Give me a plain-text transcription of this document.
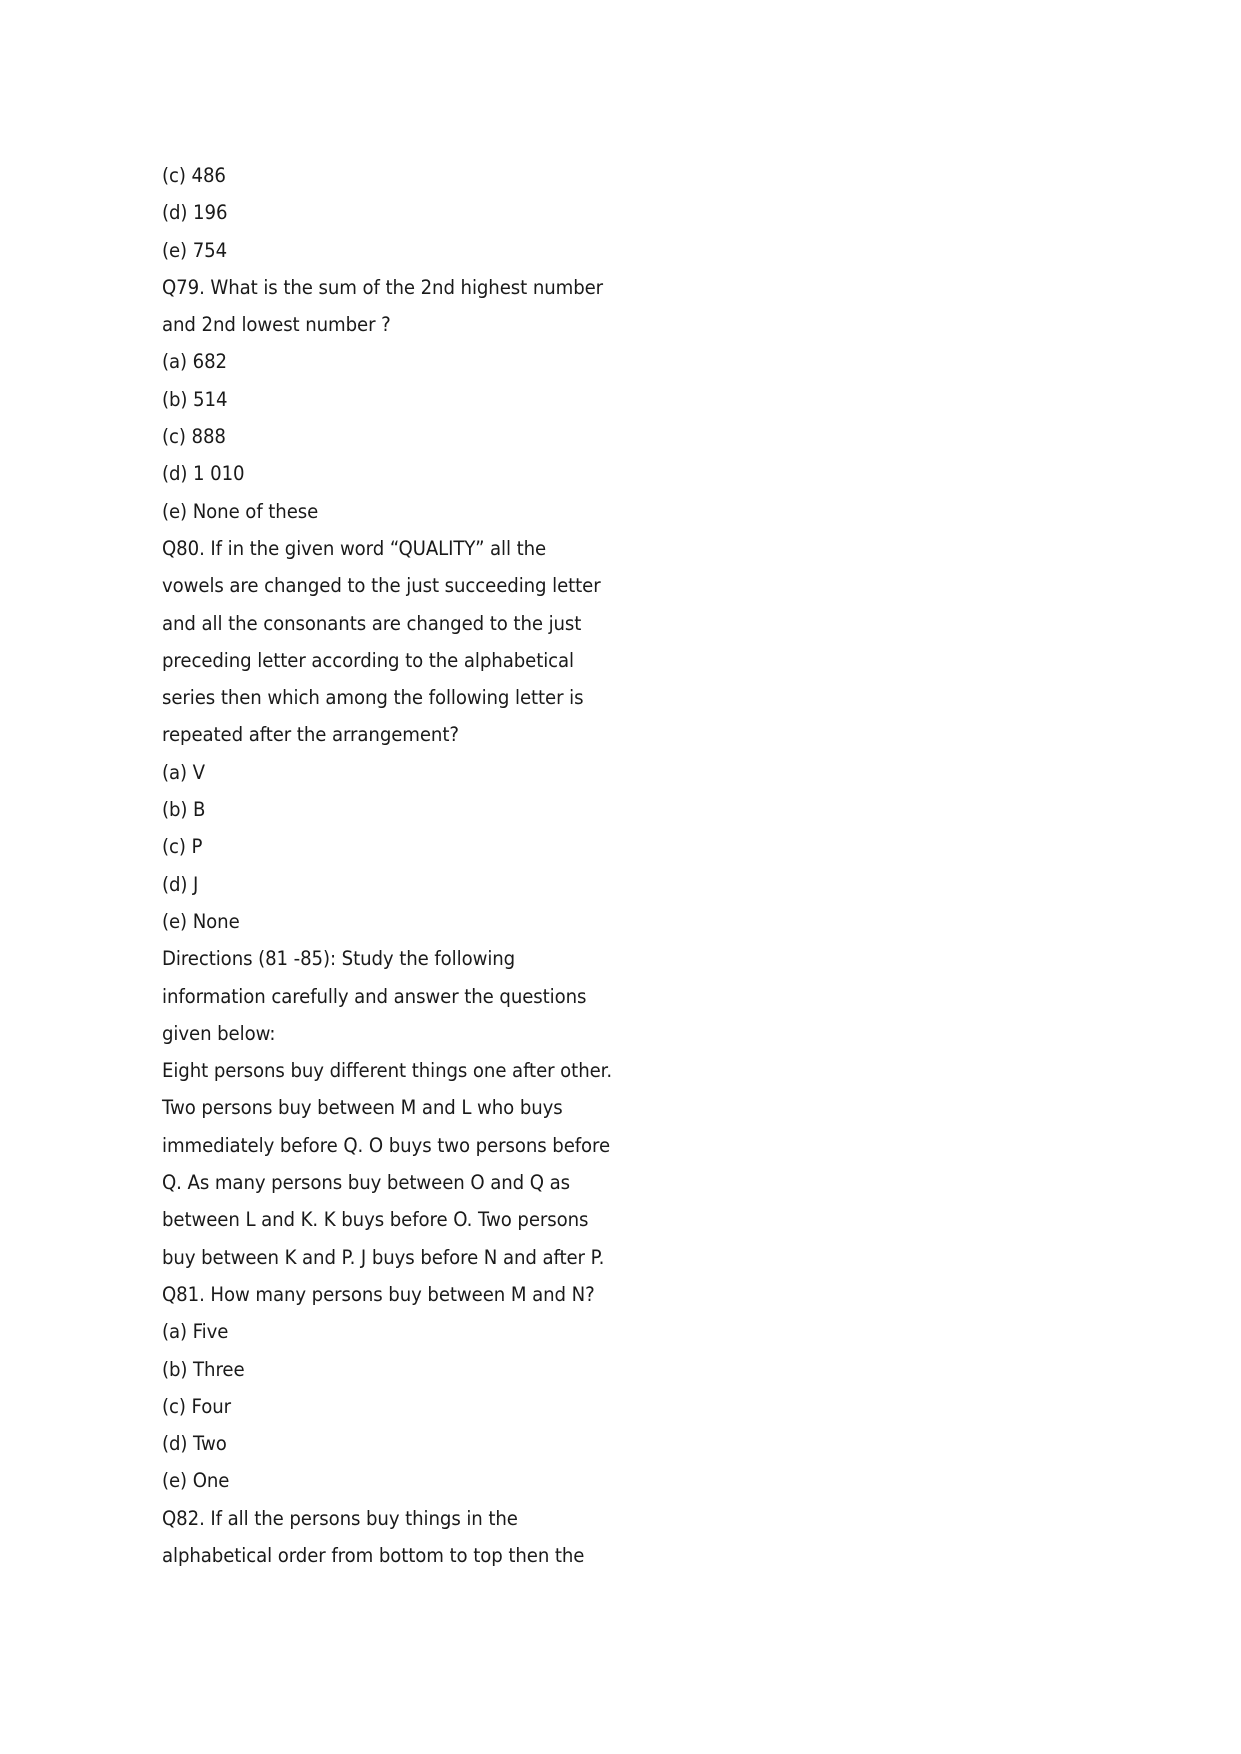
(c) 486
(d) 196
(e) 754
Q79. What is the sum of the 2nd highest number
and 2nd lowest number ?
(a) 682
(b) 514
(c) 888
(d) 1 010
(e) None of these
Q80. If in the given word “QUALITY” all the
vowels are changed to the just succeeding letter
and all the consonants are changed to the just
preceding letter according to the alphabetical
series then which among the following letter is
repeated after the arrangement?
(a) V
(b) B
(c) P
(d) J
(e) None
Directions (81 -85): Study the following
information carefully and answer the questions
given below:
Eight persons buy different things one after other.
Two persons buy between M and L who buys
immediately before Q. O buys two persons before
Q. As many persons buy between O and Q as
between L and K. K buys before O. Two persons
buy between K and P. J buys before N and after P.
Q81. How many persons buy between M and N?
(a) Five
(b) Three
(c) Four
(d) Two
(e) One
Q82. If all the persons buy things in the
alphabetical order from bottom to top then the
